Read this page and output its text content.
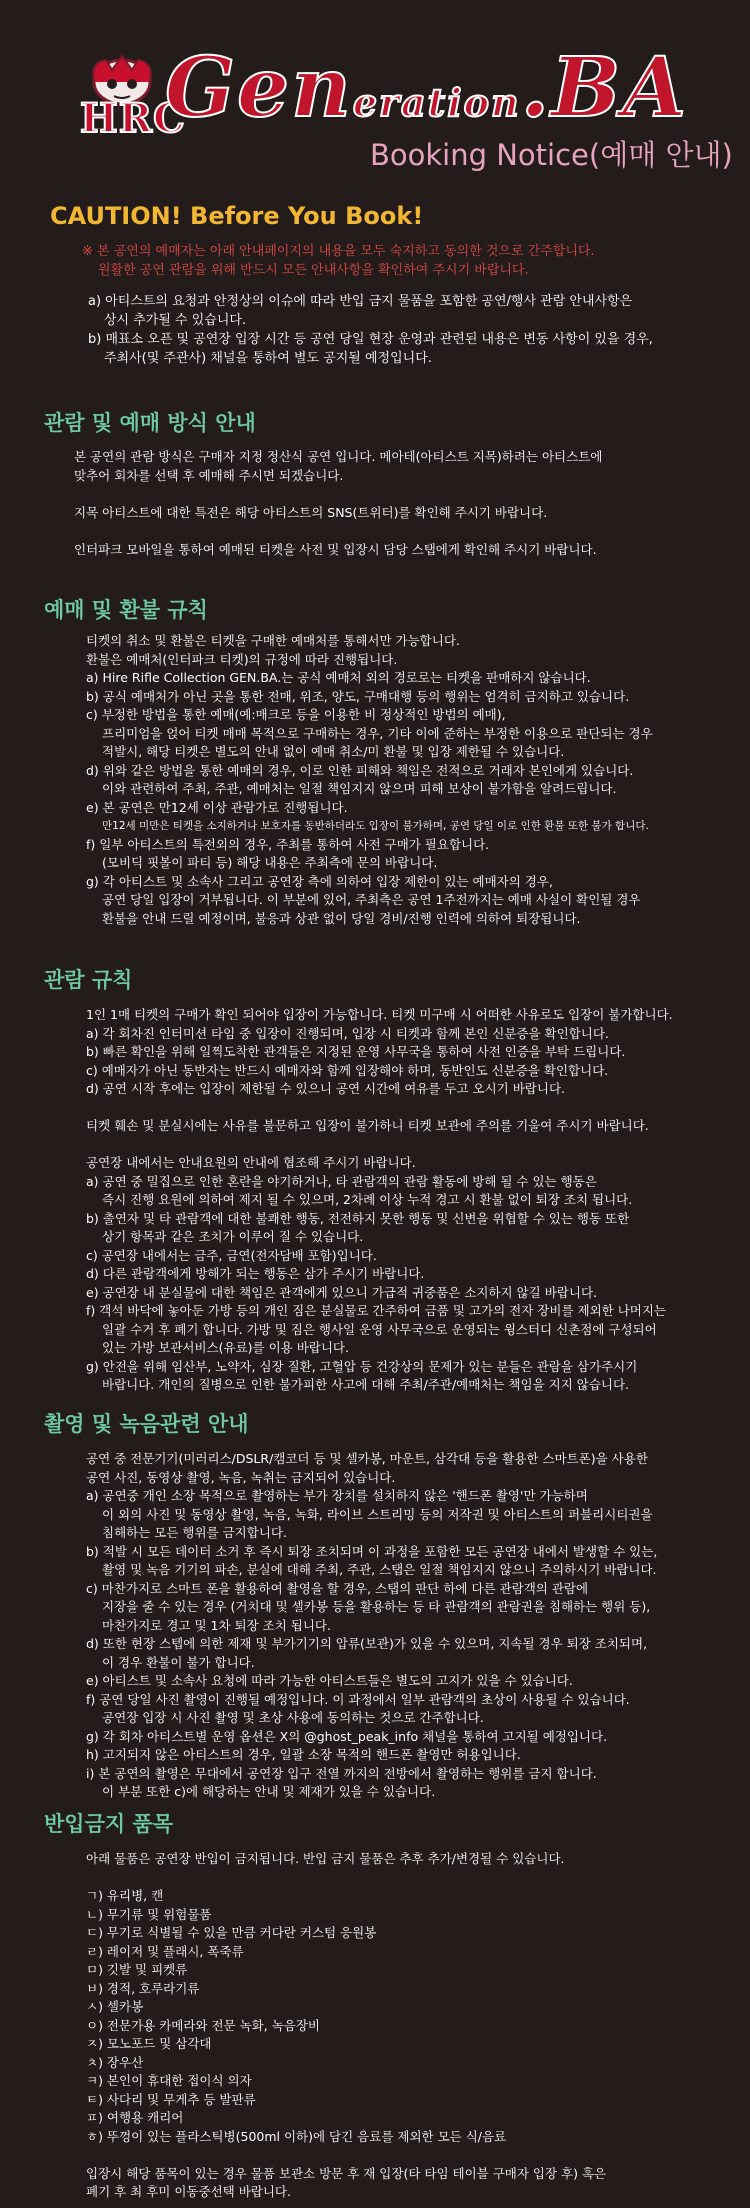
HRC
Generation.BA
Booking Notice(예매 안내)
CAUTION! Before You Book!
※ 본 공연의 예매자는 아래 안내페이지의 내용을 모두 숙지하고 동의한 것으로 간주합니다.
원활한 공연 관람을 위해 반드시 모든 안내사항을 확인하여 주시기 바랍니다.

a) 아티스트의 요청과 안정상의 이슈에 따라 반입 금지 물품을 포함한 공연/행사 관람 안내사항은

상시 추가될 수 있습니다.

b) 매표소 오픈 및 공연장 입장 시간 등 공연 당일 현장 운영과 관련된 내용은 변동 사항이 있을 경우,

주최사(및 주관사) 채널을 통하여 별도 공지될 예정입니다.

관람 및 예매 방식 안내

본 공연의 관람 방식은 구매자 지정 정산식 공연 입니다. 메아테(아티스트 지목)하려는 아티스트에

맞추어 회차를 선택 후 예매해 주시면 되겠습니다.

지목 아티스트에 대한 특전은 해당 아티스트의 SNS(트위터)를 확인해 주시기 바랍니다.

인터파크 모바일을 통하여 예매된 티켓을 사전 및 입장시 담당 스탭에게 확인해 주시기 바랍니다.

예매 및 환불 규칙

티켓의 취소 및 환불은 티켓을 구매한 예매처를 통해서만 가능합니다.

환불은 예매처(인터파크 티켓)의 규정에 따라 진행됩니다.

a) Hire Rifle Collection GEN.BA.는 공식 예매처 외의 경로로는 티켓을 판매하지 않습니다.

b) 공식 예매처가 아닌 곳을 통한 전매, 위조, 양도, 구매대행 등의 행위는 엄격히 금지하고 있습니다.

c) 부정한 방법을 통한 예매(예:매크로 등을 이용한 비 정상적인 방법의 예매),

프리미엄을 얹어 티켓 매매 목적으로 구매하는 경우, 기타 이에 준하는 부정한 이용으로 판단되는 경우

적발시, 해당 티켓은 별도의 안내 없이 예매 취소/미 환불 및 입장 제한될 수 있습니다.

d) 위와 같은 방법을 통한 예매의 경우, 이로 인한 피해와 책임은 전적으로 거래자 본인에게 있습니다.

이와 관련하여 주최, 주관, 예매처는 일절 책임지지 않으며 피해 보상이 불가함을 알려드립니다.

e) 본 공연은 만12세 이상 관람가로 진행됩니다.

만12세 미만은 티켓을 소지하거나 보호자를 동반하더라도 입장이 불가하며, 공연 당일 이로 인한 환불 또한 불가 합니다.

f) 일부 아티스트의 특전외의 경우, 주최를 통하여 사전 구매가 필요합니다.

(모비딕 핏볼이 파티 등) 해당 내용은 주최측에 문의 바랍니다.

g) 각 아티스트 및 소속사 그리고 공연장 측에 의하여 입장 제한이 있는 예매자의 경우,

공연 당일 입장이 거부됩니다. 이 부분에 있어, 주최측은 공연 1주전까지는 예매 사실이 확인될 경우

환불을 안내 드릴 예정이며, 불응과 상관 없이 당일 경비/진행 인력에 의하여 퇴장됩니다.

관람 규칙

1인 1매 티켓의 구매가 확인 되어야 입장이 가능합니다. 티켓 미구매 시 어떠한 사유로도 입장이 불가합니다.

a) 각 회차진 인터미션 타임 중 입장이 진행되며, 입장 시 티켓과 함께 본인 신분증을 확인합니다.

b) 빠른 확인을 위해 일찍도착한 관객들은 지정된 운영 사무국을 통하여 사전 인증을 부탁 드립니다.

c) 예매자가 아닌 동반자는 반드시 예매자와 함께 입장해야 하며, 동반인도 신분증을 확인합니다.

d) 공연 시작 후에는 입장이 제한될 수 있으니 공연 시간에 여유를 두고 오시기 바랍니다.

티켓 훼손 및 분실시에는 사유를 불문하고 입장이 불가하니 티켓 보관에 주의를 기울여 주시기 바랍니다.

공연장 내에서는 안내요원의 안내에 협조해 주시기 바랍니다.

a) 공연 중 밀집으로 인한 혼란을 야기하거나, 타 관람객의 관람 활동에 방해 될 수 있는 행동은

즉시 진행 요원에 의하여 제지 될 수 있으며, 2차례 이상 누적 경고 시 환불 없이 퇴장 조치 됩니다.

b) 출연자 및 타 관람객에 대한 불쾌한 행동, 전전하지 못한 행동 및 신변을 위협할 수 있는 행동 또한

상기 항목과 같은 조치가 이루어 질 수 있습니다.

c) 공연장 내에서는 금주, 금연(전자담배 포함)입니다.

d) 다른 관람객에게 방해가 되는 행동은 삼가 주시기 바랍니다.

e) 공연장 내 분실물에 대한 책임은 관객에게 있으니 가급적 귀중품은 소지하지 않길 바랍니다.

f) 객석 바닥에 놓아둔 가방 등의 개인 짐은 분실물로 간주하여 금품 및 고가의 전자 장비를 제외한 나머지는

일괄 수거 후 폐기 합니다. 가방 및 짐은 행사일 운영 사무국으로 운영되는 윙스터디 신촌점에 구성되어

있는 가방 보관서비스(유료)를 이용 바랍니다.

g) 안전을 위해 임산부, 노약자, 심장 질환, 고혈압 등 건강상의 문제가 있는 분들은 관람을 삼가주시기

바랍니다. 개인의 질병으로 인한 불가피한 사고에 대해 주최/주관/예매처는 책임을 지지 않습니다.

촬영 및 녹음관련 안내

공연 중 전문기기(미러리스/DSLR/캠코더 등 및 셀카봉, 마운트, 삼각대 등을 활용한 스마트폰)을 사용한

공연 사진, 동영상 촬영, 녹음, 녹취는 금지되어 있습니다.

a) 공연중 개인 소장 목적으로 촬영하는 부가 장치를 설치하지 않은 '핸드폰 촬영'만 가능하며

이 외의 사진 및 동영상 촬영, 녹음, 녹화, 라이브 스트리밍 등의 저작권 및 아티스트의 퍼블리시티권을

침해하는 모든 행위를 금지합니다.

b) 적발 시 모든 데이터 소거 후 즉시 퇴장 조치되며 이 과정을 포함한 모든 공연장 내에서 발생할 수 있는,

촬영 및 녹음 기기의 파손, 분실에 대해 주최, 주관, 스탭은 일절 책임지지 않으니 주의하시기 바랍니다.

c) 마찬가지로 스마트 폰을 활용하여 촬영을 할 경우, 스탭의 판단 하에 다른 관람객의 관람에

지장을 줄 수 있는 경우 (거치대 및 셀카봉 등을 활용하는 등 타 관람객의 관람권을 침해하는 행위 등),

마찬가지로 경고 및 1차 퇴장 조치 됩니다.

d) 또한 현장 스텝에 의한 제재 및 부가기기의 압류(보관)가 있을 수 있으며, 지속될 경우 퇴장 조치되며,

이 경우 환불이 불가 합니다.

e) 아티스트 및 소속사 요청에 따라 가능한 아티스트들은 별도의 고지가 있을 수 있습니다.

f) 공연 당일 사진 촬영이 진행될 예정입니다. 이 과정에서 일부 관람객의 초상이 사용될 수 있습니다.

공연장 입장 시 사진 촬영 및 초상 사용에 동의하는 것으로 간주합니다.

g) 각 회차 아티스트별 운영 옵션은 X의 @ghost_peak_info 채널을 통하여 고지될 예정입니다.

h) 고지되지 않은 아티스트의 경우, 일괄 소장 목적의 핸드폰 촬영만 허용입니다.

i) 본 공연의 촬영은 무대에서 공연장 입구 전열 까지의 전방에서 촬영하는 행위를 금지 합니다.

이 부분 또한 c)에 해당하는 안내 및 제재가 있을 수 있습니다.

반입금지 품목

아래 물품은 공연장 반입이 금지됩니다. 반입 금지 물품은 추후 추가/변경될 수 있습니다.

ㄱ) 유리병, 캔

ㄴ) 무기류 및 위험물품

ㄷ) 무기로 식별될 수 있을 만큼 커다란 커스텀 응원봉

ㄹ) 레이저 및 플래시, 폭죽류

ㅁ) 깃발 및 피켓류

ㅂ) 경적, 호루라기류

ㅅ) 셀카봉

ㅇ) 전문가용 카메라와 전문 녹화, 녹음장비

ㅈ) 모노포드 및 삼각대

ㅊ) 장우산

ㅋ) 본인이 휴대한 접이식 의자

ㅌ) 사다리 및 무게추 등 발판류

ㅍ) 여행용 캐리어

ㅎ) 뚜껑이 있는 플라스틱병(500ml 이하)에 담긴 음료를 제외한 모든 식/음료

입장시 해당 품목이 있는 경우 물품 보관소 방문 후 재 입장(타 타임 테이블 구매자 입장 후) 혹은

폐기 후 최 후미 이동중선택 바랍니다.
